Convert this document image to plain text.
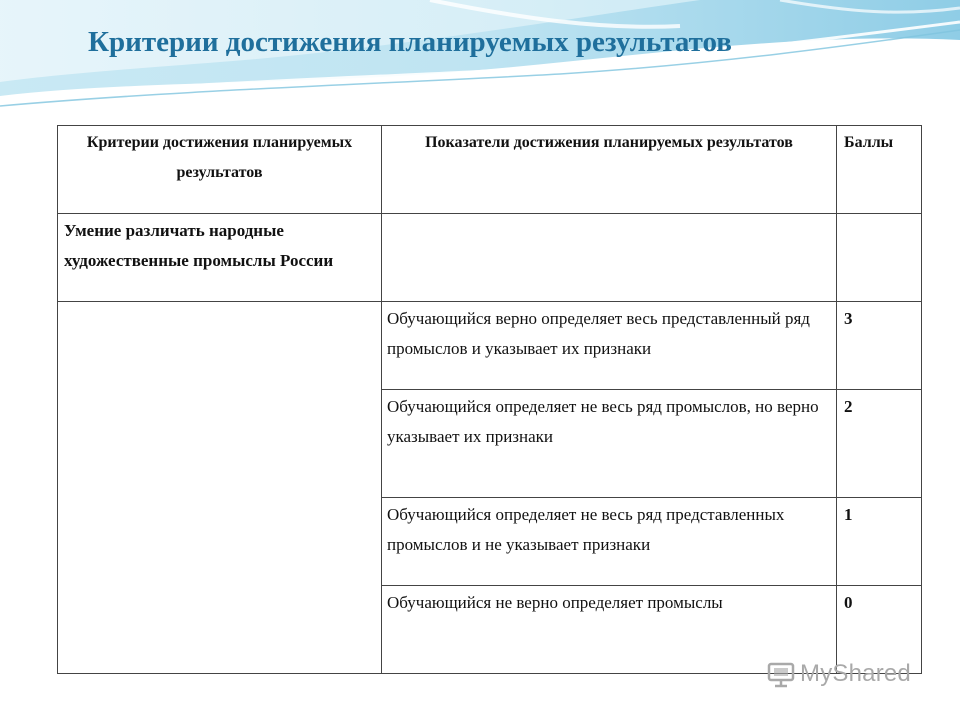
Критерии достижения планируемых результатов
Критерии достижения планируемых результатов	Показатели достижения планируемых результатов	Баллы
Умение различать народные художественные промыслы России		
	Обучающийся верно определяет весь представленный ряд промыслов и указывает их признаки	3
	Обучающийся определяет не весь ряд промыслов, но верно указывает их признаки	2
	Обучающийся определяет не весь ряд представленных промыслов и не указывает признаки	1
	Обучающийся не верно определяет промыслы	0
MyShared
